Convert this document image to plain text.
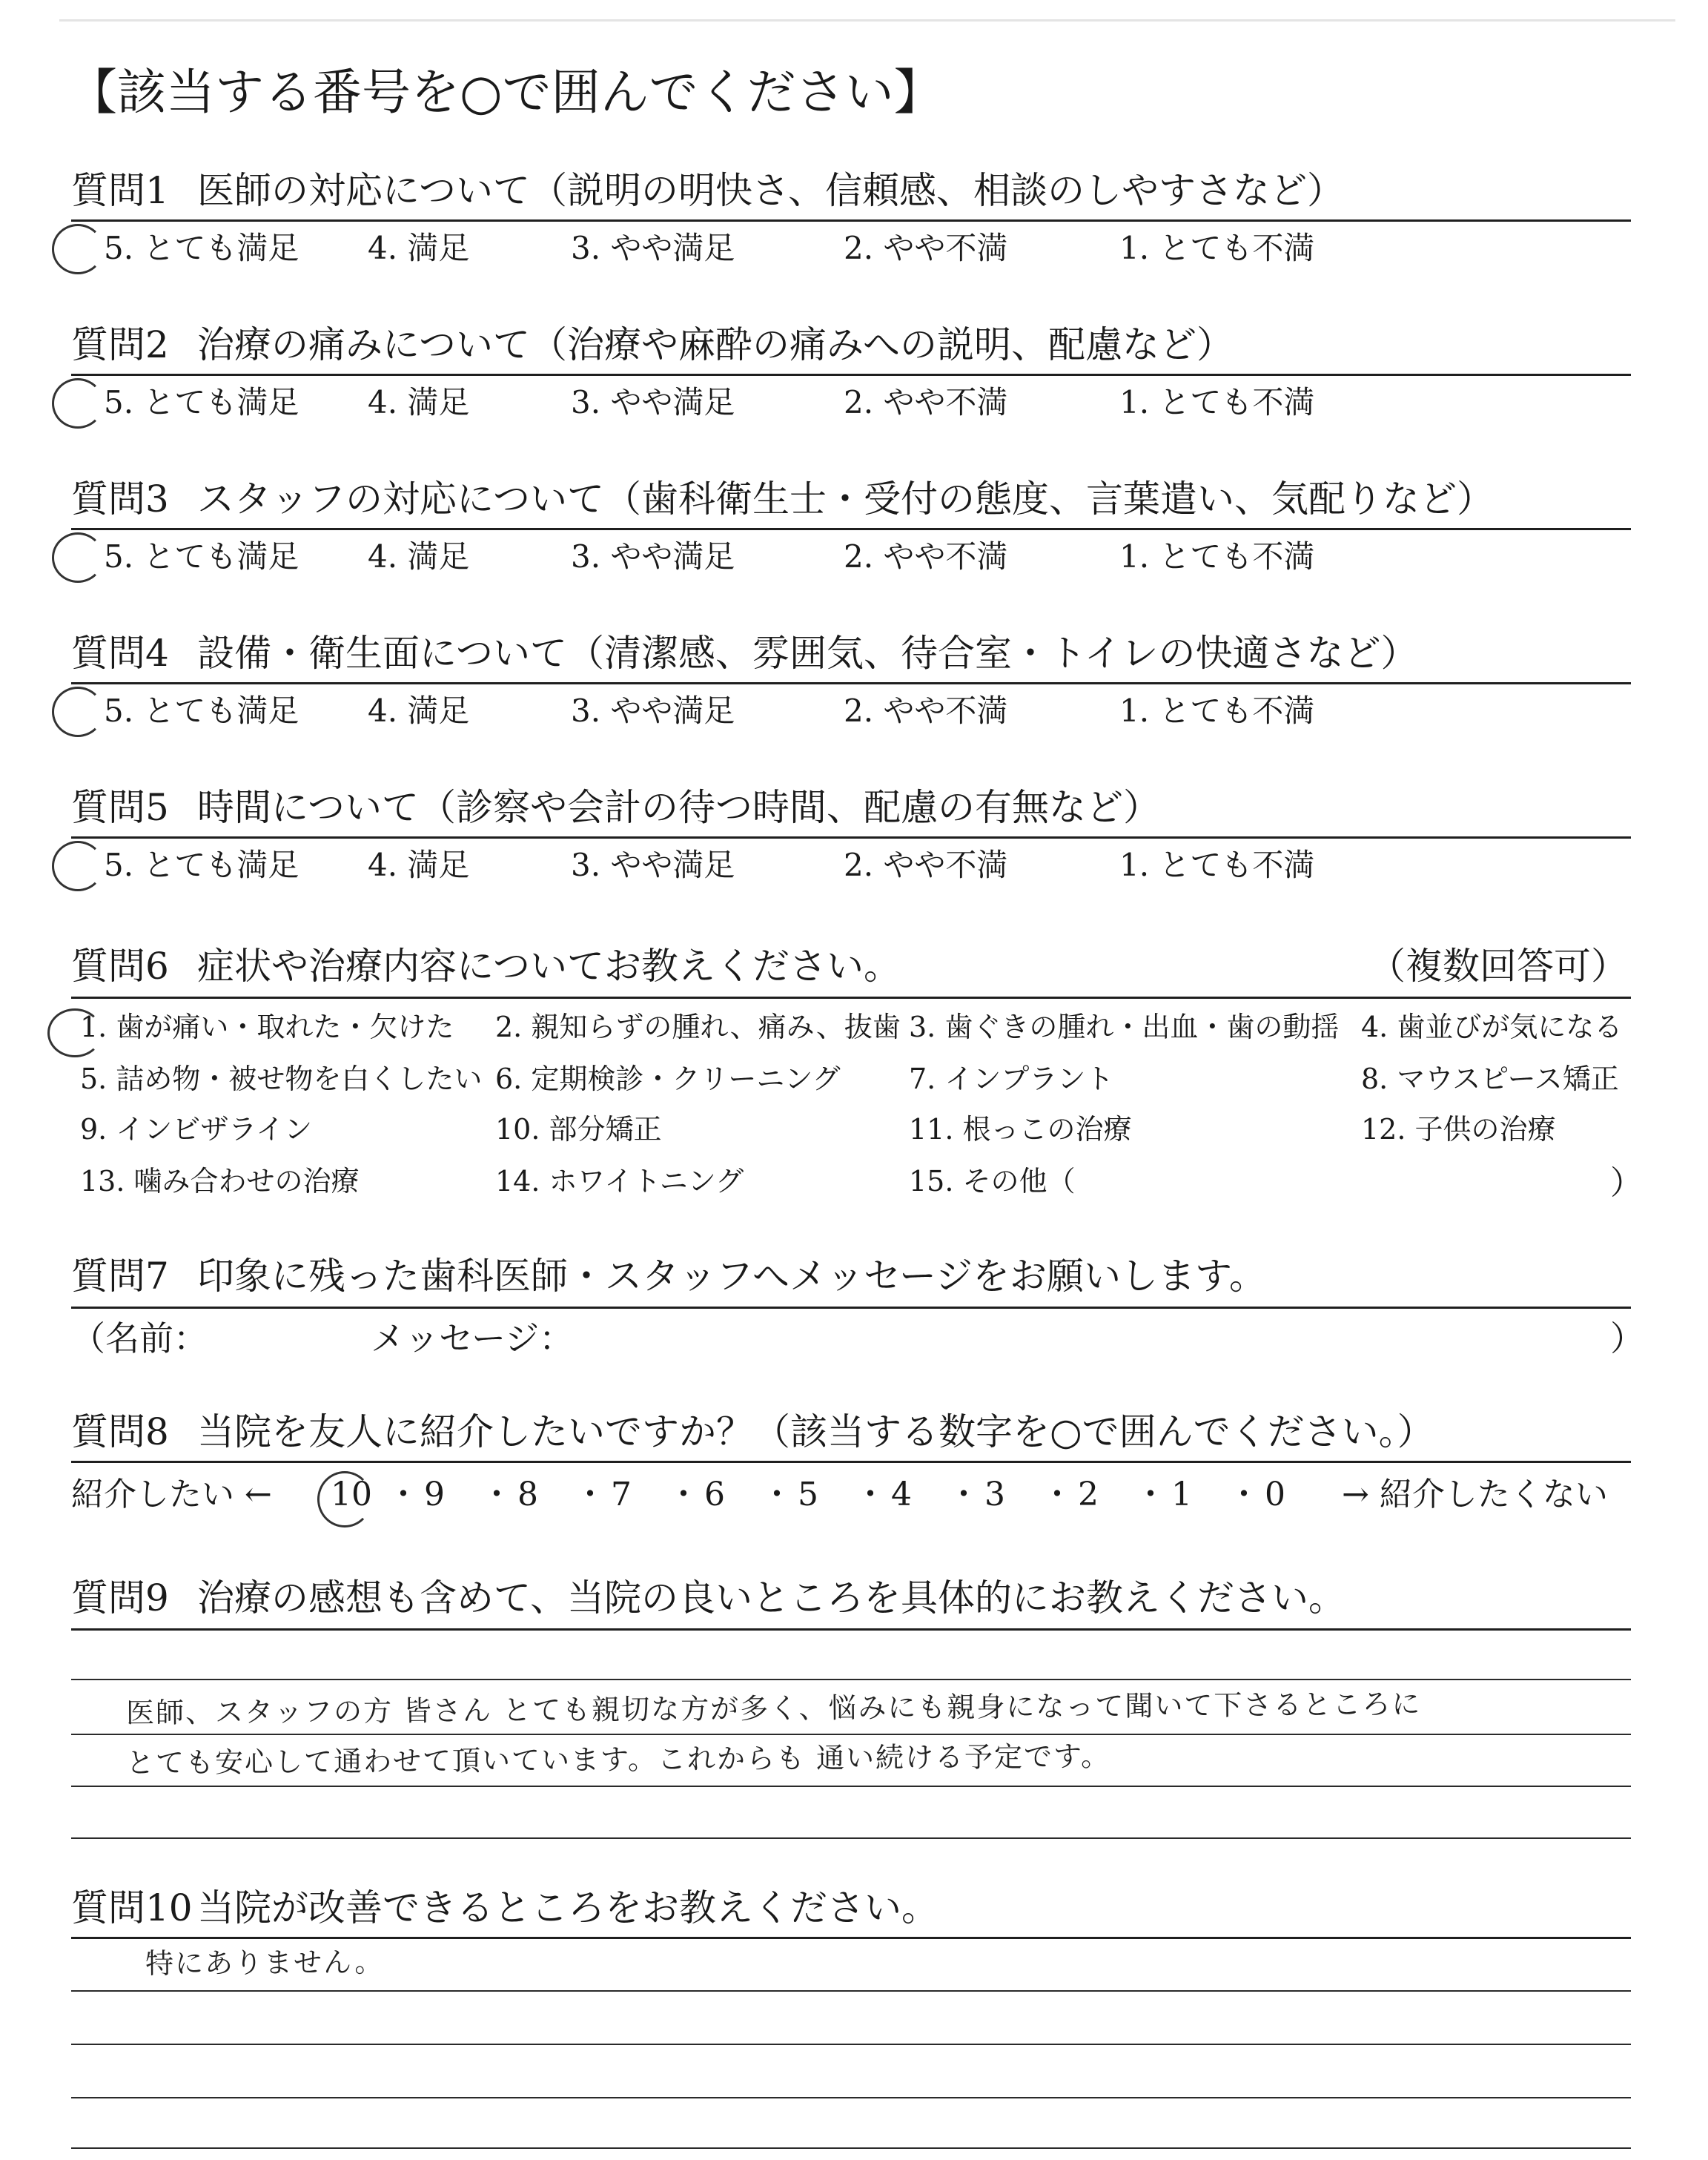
【該当する番号を○で囲んでください】
質問1 医師の対応について（説明の明快さ、信頼感、相談のしやすさなど）
5. とても満足 4. 満足	3. やや満足	2. やや不満	1. とても不満
質問2 治療の痛みについて（治療や麻酔の痛みへの説明、配慮など）
5. とても満足 4. 満足	3. やや満足	2. やや不満	1. とても不満
質問3 スタッフの対応について（歯科衛生士・受付の態度、言葉遣い、気配りなど）
5. とても満足 4. 満足	3. やや満足	2. やや不満	1. とても不満
質問4 設備・衛生面について（清潔感、雰囲気、待合室・トイレの快適さなど）
5. とても満足 4. 満足	3. やや満足	2. やや不満	1. とても不満
質問5 時間について（診察や会計の待つ時間、配慮の有無など）
5. とても満足 4. 満足	3. やや満足	2. やや不満	1. とても不満
質問6 症状や治療内容についてお教えください。	（複数回答可）
1. 歯が痛い・取れた・欠けた 2. 親知らずの腫れ、痛み、抜歯 3. 歯ぐきの腫れ・出血・歯の動揺 4. 歯並びが気になる
5. 詰め物・被せ物を白くしたい 6. 定期検診・クリーニング 7. インプラント	8. マウスピース矯正
9. インビザライン	10. 部分矯正	11. 根っこの治療	12. 子供の治療
13. 噛み合わせの治療	14. ホワイトニング	15. その他（	）
質問7 印象に残った歯科医師・スタッフへメッセージをお願いします。
（名前：	メッセージ：	）
質問8 当院を友人に紹介したいですか？（該当する数字を○で囲んでください。）
紹介したい ← 10 ・ 9 ・ 8 ・ 7 ・ 6 ・ 5 ・ 4 ・ 3 ・ 2 ・ 1 ・ 0 → 紹介したくない
質問9 治療の感想も含めて、当院の良いところを具体的にお教えください。
医師、スタッフの方 皆さん とても親切な方が多く、悩みにも親身になって聞いて下さるところに
とても安心して通わせて頂いています。これからも 通い続ける予定です。
質問10 当院が改善できるところをお教えください。
特にありません。
